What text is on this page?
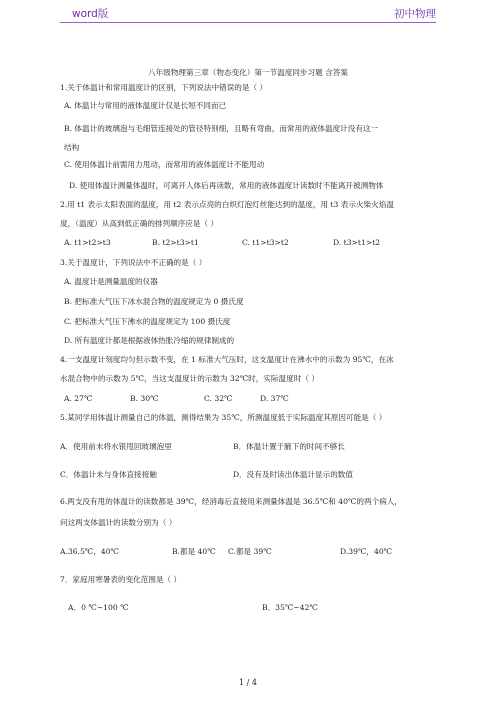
word版	初中物理
八年级物理第三章（物态变化）第一节温度同步习题 含答案
1.关于体温计和常用温度计的区别，下列说法中错误的是（ ）
A. 体温计与常用的液体温度计仅是长短不同而已
B. 体温计的玻璃泡与毛细管连接处的管径特别细，且略有弯曲，而常用的液体温度计没有这一
结构
C. 使用体温计前需用力甩动，而常用的液体温度计不能甩动
D. 使用体温计测量体温时，可离开人体后再读数，常用的液体温度计读数时不能离开被测物体
2.用 t1 表示太阳表面的温度，用 t2 表示点亮的白炽灯泡灯丝能达到的温度，用 t3 表示火柴火焰温
度，（温度）从高到低正确的排列顺序应是（ ）
A. t1>t2>t3	B. t2>t3>t1	C. t1>t3>t2	D. t3>t1>t2
3.关于温度计，下列说法中不正确的是（ ）
A. 温度计是测量温度的仪器
B. 把标准大气压下冰水混合物的温度规定为 0 摄氏度
C. 把标准大气压下沸水的温度规定为 100 摄氏度
D. 所有温度计都是根据液体热胀冷缩的规律制成的
4.一支温度计刻度均匀但示数不变，在 1 标准大气压时，这支温度计在沸水中的示数为 95℃，在冰
水混合物中的示数为 5℃，当这支温度计的示数为 32℃时，实际温度时（ ）
A. 27℃	B. 30℃	C. 32℃	D. 37℃
5.某同学用体温计测量自己的体温，测得结果为 35℃，所测温度低于实际温度其原因可能是（ ）
A．使用前未将水银甩回玻璃泡里	B．体温计置于腋下的时间不够长
C．体温计未与身体直接接触	D．没有及时读出体温计显示的数值
6.两支没有甩的体温计的读数都是 39℃，经消毒后直接用来测量体温是 36.5℃和 40℃的两个病人，
问这两支体温计的读数分别为（ ）
A.36.5℃，40℃	B.都是 40℃ C.都是 39℃	D.39℃，40℃
7．家庭用寒暑表的变化范围是（ ）
A．0 ℃~100 ℃	B．35℃~42℃
1 / 4
